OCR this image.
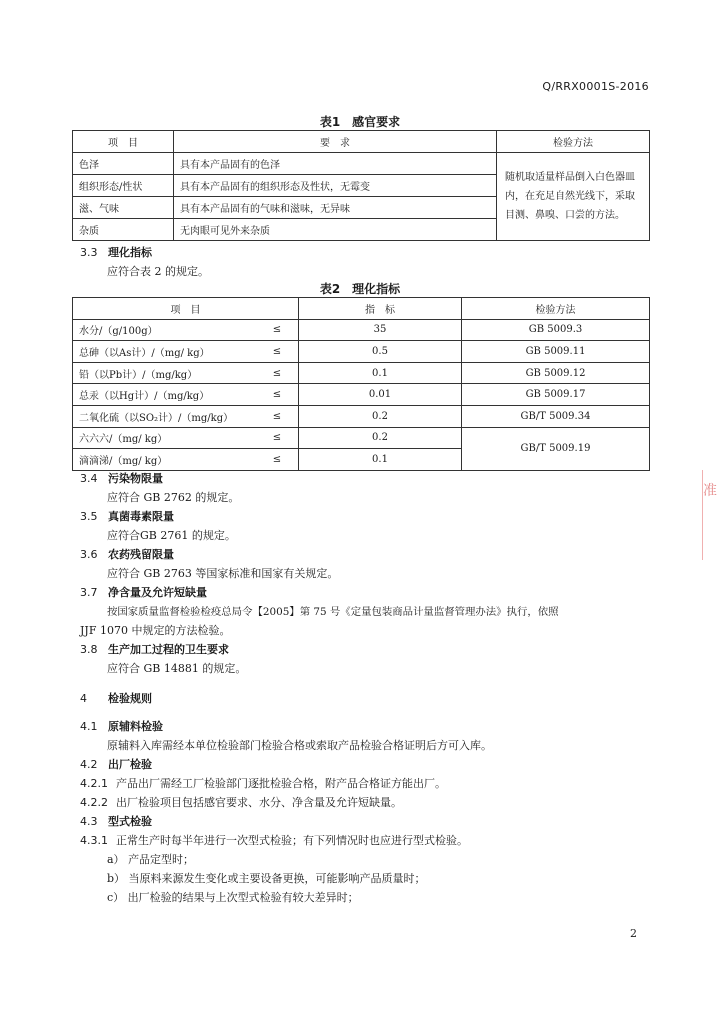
Q/RRX0001S-2016
表1　感官要求
项　目	要　求	检验方法
色泽	具有本产品固有的色泽	随机取适量样品倒入白色器皿内，在充足自然光线下，采取目测、鼻嗅、口尝的方法。
组织形态/性状	具有本产品固有的组织形态及性状，无霉变	
滋、气味	具有本产品固有的气味和滋味，无异味	
杂质	无肉眼可见外来杂质	
3.3 理化指标
应符合表 2 的规定。
表2　理化指标
项　目		指　标	检验方法
水分/（g/100g）	≤	35	GB 5009.3
总砷（以As计）/（mg/ kg）	≤	0.5	GB 5009.11
铅（以Pb计）/（mg/kg）	≤	0.1	GB 5009.12
总汞（以Hg计）/（mg/kg）	≤	0.01	GB 5009.17
二氧化硫（以SO₂计）/（mg/kg）	≤	0.2	GB/T 5009.34
六六六/（mg/ kg）	≤	0.2	GB/T 5009.19
滴滴涕/（mg/ kg）	≤	0.1	
3.4 污染物限量
应符合 GB 2762 的规定。
3.5 真菌毒素限量
应符合GB 2761 的规定。
3.6 农药残留限量
应符合 GB 2763 等国家标准和国家有关规定。
3.7 净含量及允许短缺量
按国家质量监督检验检疫总局令【2005】第 75 号《定量包装商品计量监督管理办法》执行，依照
JJF 1070 中规定的方法检验。
3.8 生产加工过程的卫生要求
应符合 GB 14881 的规定。
4 检验规则
4.1 原辅料检验
原辅料入库需经本单位检验部门检验合格或索取产品检验合格证明后方可入库。
4.2 出厂检验
4.2.1 产品出厂需经工厂检验部门逐批检验合格，附产品合格证方能出厂。
4.2.2 出厂检验项目包括感官要求、水分、净含量及允许短缺量。
4.3 型式检验
4.3.1 正常生产时每半年进行一次型式检验；有下列情况时也应进行型式检验。
a） 产品定型时；
b） 当原料来源发生变化或主要设备更换，可能影响产品质量时；
c） 出厂检验的结果与上次型式检验有较大差异时；
2
准
